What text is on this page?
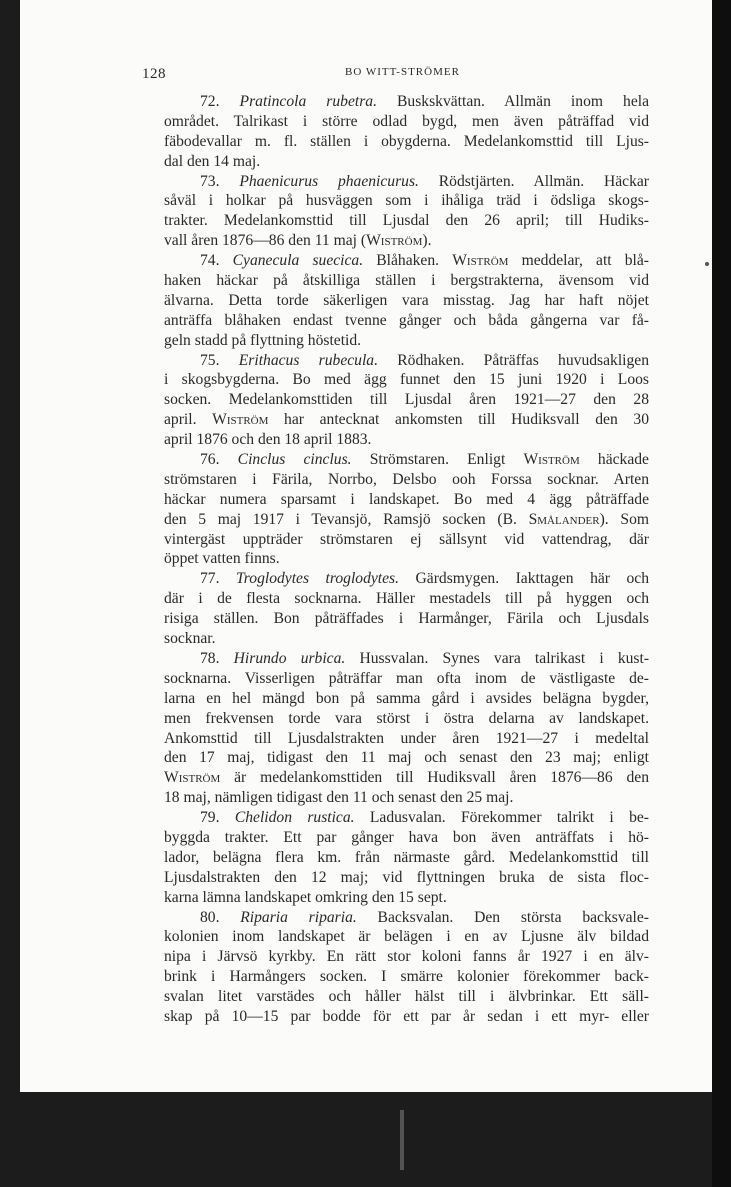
128	BO WITT-STRÖMER
72. Pratincola rubetra. Buskskvättan. Allmän inom hela
området. Talrikast i större odlad bygd, men även påträffad vid
fäbodevallar m. fl. ställen i obygderna. Medelankomsttid till Ljus-
dal den 14 maj.
73. Phaenicurus phaenicurus. Rödstjärten. Allmän. Häckar
såväl i holkar på husväggen som i ihåliga träd i ödsliga skogs-
trakter. Medelankomsttid till Ljusdal den 26 april; till Hudiks-
vall åren 1876—86 den 11 maj (Wiström).
74. Cyanecula suecica. Blåhaken. Wiström meddelar, att blå-
haken häckar på åtskilliga ställen i bergstrakterna, ävensom vid
älvarna. Detta torde säkerligen vara misstag. Jag har haft nöjet
anträffa blåhaken endast tvenne gånger och båda gångerna var få-
geln stadd på flyttning höstetid.
75. Erithacus rubecula. Rödhaken. Påträffas huvudsakligen
i skogsbygderna. Bo med ägg funnet den 15 juni 1920 i Loos
socken. Medelankomsttiden till Ljusdal åren 1921—27 den 28
april. Wiström har antecknat ankomsten till Hudiksvall den 30
april 1876 och den 18 april 1883.
76. Cinclus cinclus. Strömstaren. Enligt Wiström häckade
strömstaren i Färila, Norrbo, Delsbo ooh Forssa socknar. Arten
häckar numera sparsamt i landskapet. Bo med 4 ägg påträffade
den 5 maj 1917 i Tevansjö, Ramsjö socken (B. Smålander). Som
vintergäst uppträder strömstaren ej sällsynt vid vattendrag, där
öppet vatten finns.
77. Troglodytes troglodytes. Gärdsmygen. Iakttagen här och
där i de flesta socknarna. Häller mestadels till på hyggen och
risiga ställen. Bon påträffades i Harmånger, Färila och Ljusdals
socknar.
78. Hirundo urbica. Hussvalan. Synes vara talrikast i kust-
socknarna. Visserligen påträffar man ofta inom de västligaste de-
larna en hel mängd bon på samma gård i avsides belägna bygder,
men frekvensen torde vara störst i östra delarna av landskapet.
Ankomsttid till Ljusdalstrakten under åren 1921—27 i medeltal
den 17 maj, tidigast den 11 maj och senast den 23 maj; enligt
Wiström är medelankomsttiden till Hudiksvall åren 1876—86 den
18 maj, nämligen tidigast den 11 och senast den 25 maj.
79. Chelidon rustica. Ladusvalan. Förekommer talrikt i be-
byggda trakter. Ett par gånger hava bon även anträffats i hö-
lador, belägna flera km. från närmaste gård. Medelankomsttid till
Ljusdalstrakten den 12 maj; vid flyttningen bruka de sista floc-
karna lämna landskapet omkring den 15 sept.
80. Riparia riparia. Backsvalan. Den största backsvale-
kolonien inom landskapet är belägen i en av Ljusne älv bildad
nipa i Järvsö kyrkby. En rätt stor koloni fanns år 1927 i en älv-
brink i Harmångers socken. I smärre kolonier förekommer back-
svalan litet varstädes och håller hälst till i älvbrinkar. Ett säll-
skap på 10—15 par bodde för ett par år sedan i ett myr- eller
